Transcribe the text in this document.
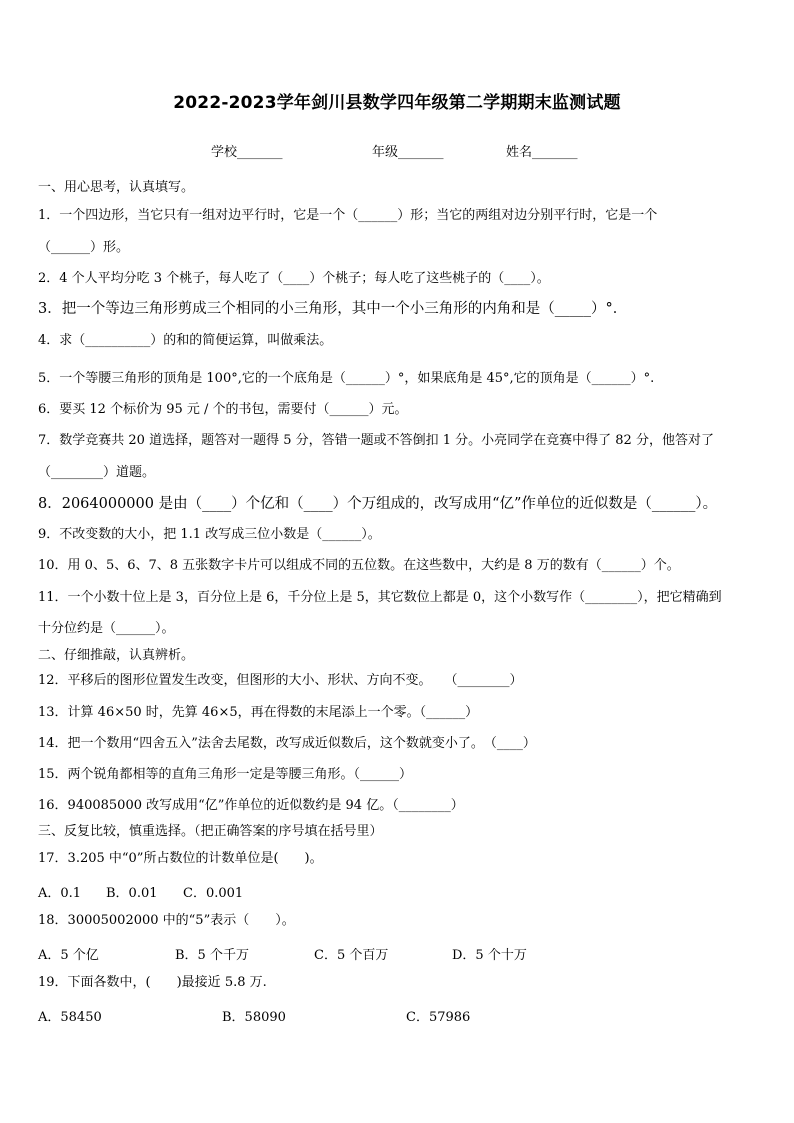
2022-2023学年剑川县数学四年级第二学期期末监测试题
学校_______	年级_______	姓名_______
一、用心思考，认真填写。
1．一个四边形，当它只有一组对边平行时，它是一个（______）形；当它的两组对边分别平行时，它是一个
（______）形。
2．4 个人平均分吃 3 个桃子，每人吃了（____）个桃子；每人吃了这些桃子的（____）。
3．把一个等边三角形剪成三个相同的小三角形，其中一个小三角形的内角和是（_____）°．
4．求（__________）的和的简便运算，叫做乘法。
5．一个等腰三角形的顶角是 100°,它的一个底角是（______）°，如果底角是 45°,它的顶角是（______）°.
6．要买 12 个标价为 95 元 / 个的书包，需要付（______）元。
7．数学竞赛共 20 道选择，题答对一题得 5 分，答错一题或不答倒扣 1 分。小亮同学在竞赛中得了 82 分，他答对了
（________）道题。
8．2064000000 是由（____）个亿和（____）个万组成的，改写成用“亿”作单位的近似数是（______）。
9．不改变数的大小，把 1.1 改写成三位小数是（______）。
10．用 0、5、6、7、8 五张数字卡片可以组成不同的五位数。在这些数中，大约是 8 万的数有（______）个。
11．一个小数十位上是 3，百分位上是 6，千分位上是 5，其它数位上都是 0，这个小数写作（________），把它精确到
十分位约是（______）。
二、仔细推敲，认真辨析。
12．平移后的图形位置发生改变，但图形的大小、形状、方向不变。　　（________）
13．计算 46×50 时，先算 46×5，再在得数的末尾添上一个零。（______）
14．把一个数用“四舍五入”法舍去尾数，改写成近似数后，这个数就变小了。　（____）
15．两个锐角都相等的直角三角形一定是等腰三角形。（______）
16．940085000 改写成用“亿”作单位的近似数约是 94 亿。（________）
三、反复比较，慎重选择。（把正确答案的序号填在括号里）
17．3.205 中“0”所占数位的计数单位是(　　)。
A．0.1 B．0.01 C．0.001
18．30005002000 中的“5”表示（　　）。
A．5 个亿	B．5 个千万	C．5 个百万	D．5 个十万
19．下面各数中，(　　)最接近 5.8 万.
A．58450	B．58090	C．57986
